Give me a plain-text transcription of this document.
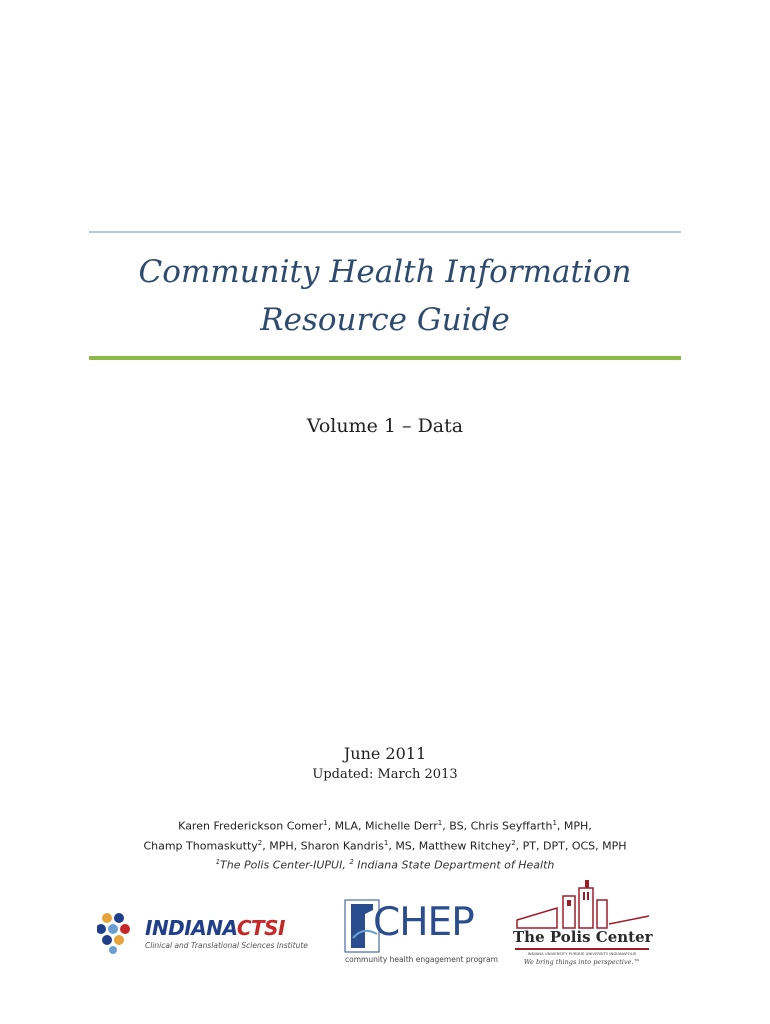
Community Health Information
Resource Guide
Volume 1 – Data
June 2011
Updated: March 2013
Karen Frederickson Comer$^1$, MLA, Michelle Derr$^1$, BS, Chris Seyffarth$^1$, MPH,
Champ Thomaskutty$^2$, MPH, Sharon Kandris$^1$, MS, Matthew Ritchey$^2$, PT, DPT, OCS, MPH
$^1$The Polis Center-IUPUI, $^2$ Indiana State Department of Health
INDIANACTSI
Clinical and Translational Sciences Institute
CHEP
community health engagement program
The Polis Center
INDIANA UNIVERSITY PURDUE UNIVERSITY INDIANAPOLIS
We bring things into perspective.™
